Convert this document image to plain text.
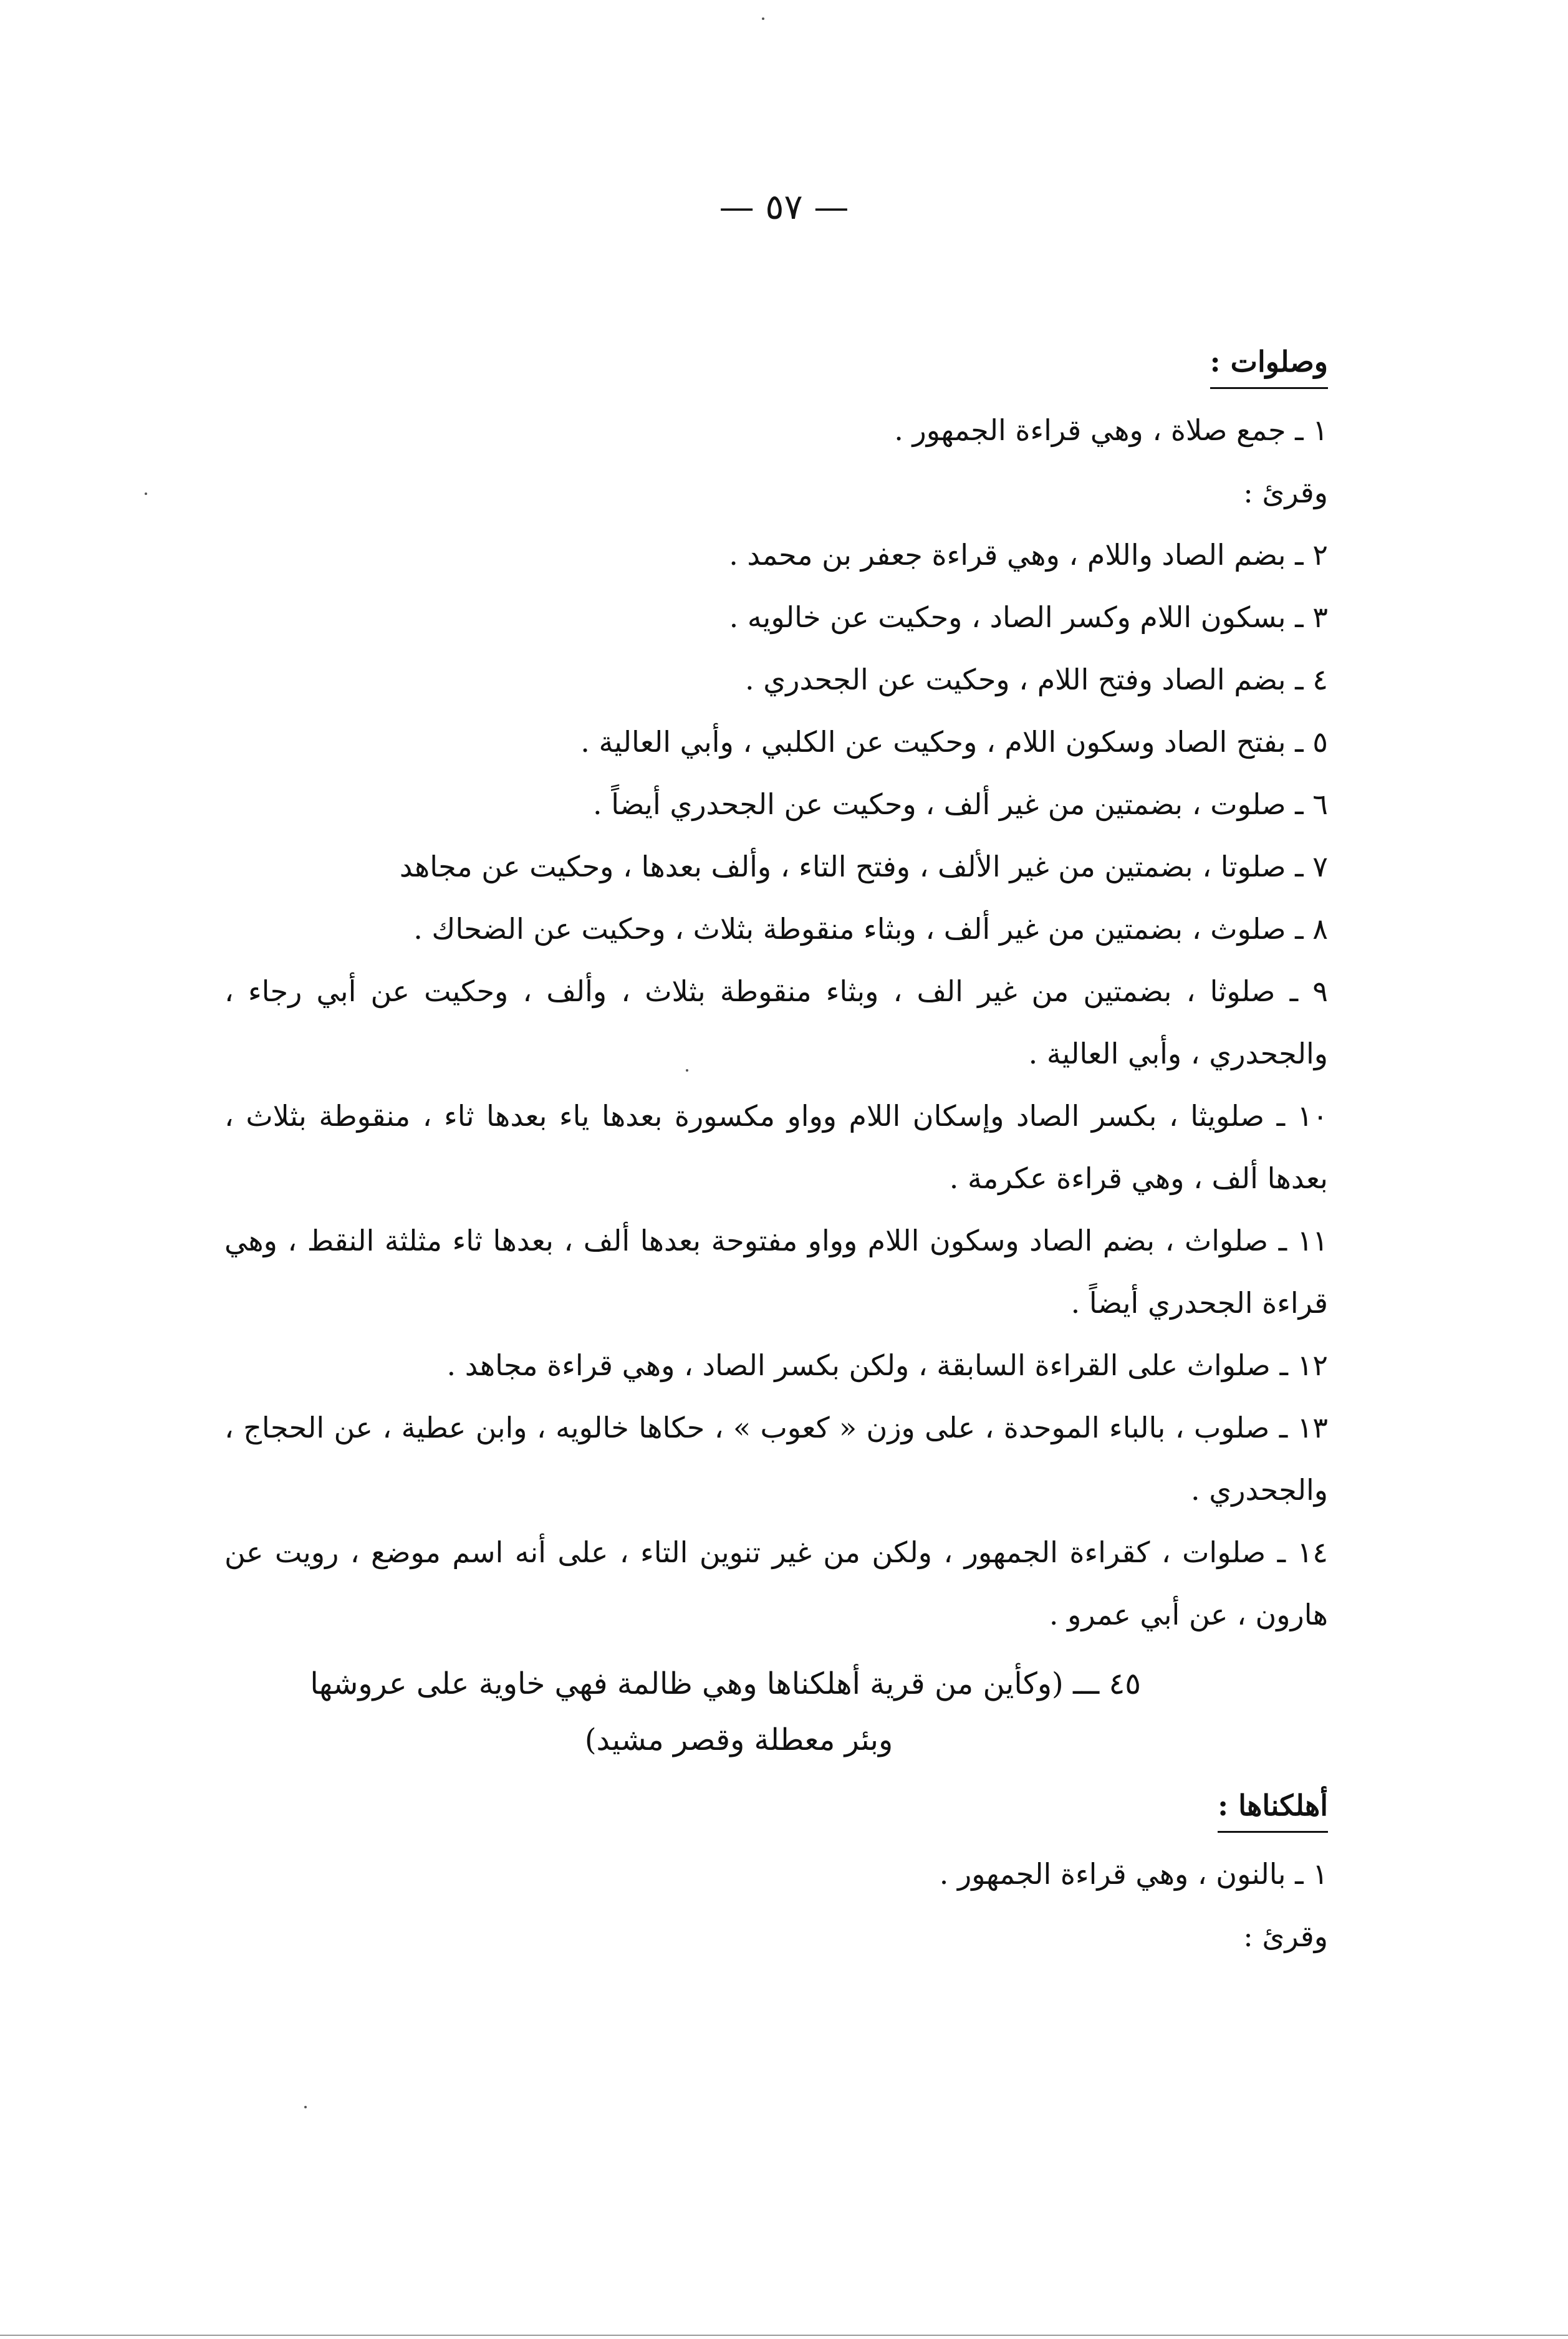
— ٥٧ —
وصلوات :
١ ـ جمع صلاة ، وهي قراءة الجمهور .
وقرئ :
٢ ـ بضم الصاد واللام ، وهي قراءة جعفر بن محمد .
٣ ـ بسكون اللام وكسر الصاد ، وحكيت عن خالويه .
٤ ـ بضم الصاد وفتح اللام ، وحكيت عن الجحدري .
٥ ـ بفتح الصاد وسكون اللام ، وحكيت عن الكلبي ، وأبي العالية .
٦ ـ صلوت ، بضمتين من غير ألف ، وحكيت عن الجحدري أيضاً .
٧ ـ صلوتا ، بضمتين من غير الألف ، وفتح التاء ، وألف بعدها ، وحكيت عن مجاهد
٨ ـ صلوث ، بضمتين من غير ألف ، وبثاء منقوطة بثلاث ، وحكيت عن الضحاك .
٩ ـ صلوثا ، بضمتين من غير الف ، وبثاء منقوطة بثلاث ، وألف ، وحكيت عن أبي رجاء ، والجحدري ، وأبي العالية .
١٠ ـ صلويثا ، بكسر الصاد وإسكان اللام وواو مكسورة بعدها ياء بعدها ثاء ، منقوطة بثلاث ، بعدها ألف ، وهي قراءة عكرمة .
١١ ـ صلواث ، بضم الصاد وسكون اللام وواو مفتوحة بعدها ألف ، بعدها ثاء مثلثة النقط ، وهي قراءة الجحدري أيضاً .
١٢ ـ صلواث على القراءة السابقة ، ولكن بكسر الصاد ، وهي قراءة مجاهد .
١٣ ـ صلوب ، بالباء الموحدة ، على وزن « كعوب » ، حكاها خالويه ، وابن عطية ، عن الحجاج ، والجحدري .
١٤ ـ صلوات ، كقراءة الجمهور ، ولكن من غير تنوين التاء ، على أنه اسم موضع ، رويت عن هارون ، عن أبي عمرو .
٤٥ ـــ (وكأين من قرية أهلكناها وهي ظالمة فهي خاوية على عروشها
وبئر معطلة وقصر مشيد)
أهلكناها :
١ ـ بالنون ، وهي قراءة الجمهور .
وقرئ :
